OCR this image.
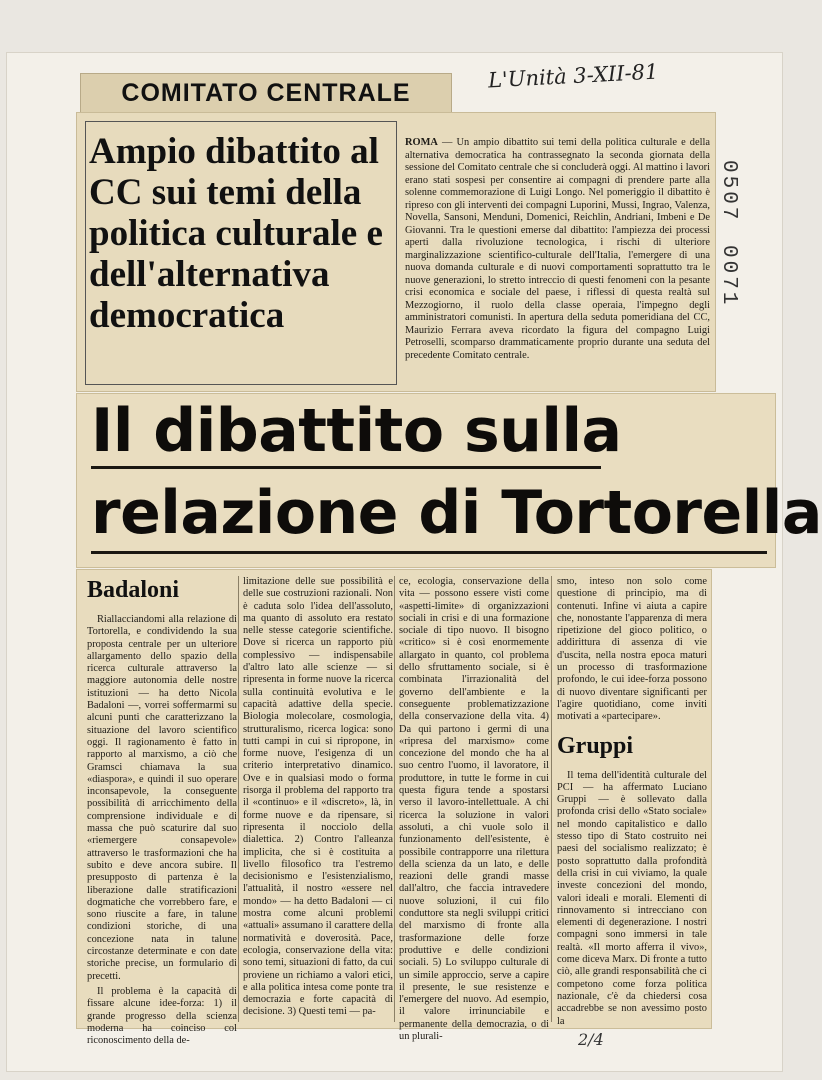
COMITATO CENTRALE
L'Unità 3-XII-81
0507
0071
Ampio dibattito al CC sui temi della politica culturale e dell'alternativa democratica
ROMA — Un ampio dibattito sui temi della politica culturale e della alternativa democratica ha contrassegnato la seconda giornata della sessione del Comitato centrale che si concluderà oggi. Al mattino i lavori erano stati sospesi per consentire ai compagni di prendere parte alla solenne commemorazione di Luigi Longo. Nel pomeriggio il dibattito è ripreso con gli interventi dei compagni Luporini, Mussi, Ingrao, Valenza, Novella, Sansoni, Menduni, Domenici, Reichlin, Andriani, Imbeni e De Giovanni. Tra le questioni emerse dal dibattito: l'ampiezza dei processi aperti dalla rivoluzione tecnologica, i rischi di ulteriore marginalizzazione scientifico-culturale dell'Italia, l'emergere di una nuova domanda culturale e di nuovi comportamenti soprattutto tra le nuove generazioni, lo stretto intreccio di questi fenomeni con la pesante crisi economica e sociale del paese, i riflessi di questa realtà sul Mezzogiorno, il ruolo della classe operaia, l'impegno degli amministratori comunisti. In apertura della seduta pomeridiana del CC, Maurizio Ferrara aveva ricordato la figura del compagno Luigi Petroselli, scomparso drammaticamente proprio durante una seduta del precedente Comitato centrale.
Il dibattito sulla
relazione di Tortorella
Badaloni

Riallacciandomi alla relazione di Tortorella, e condividendo la sua proposta centrale per un ulteriore allargamento dello spazio della ricerca culturale attraverso la maggiore autonomia delle nostre istituzioni — ha detto Nicola Badaloni —, vorrei soffermarmi su alcuni punti che caratterizzano la situazione del lavoro scientifico oggi. Il ragionamento è fatto in rapporto al marxismo, a ciò che Gramsci chiamava la sua «diaspora», e quindi il suo operare inconsapevole, la conseguente possibilità di arricchimento della comprensione individuale e di massa che può scaturire dal suo «riemergere consapevole» attraverso le trasformazioni che ha subito e deve ancora subire. Il presupposto di partenza è la liberazione dalle stratificazioni dogmatiche che vorrebbero fare, e sono riuscite a fare, in talune condizioni storiche, di una concezione nata in talune circostanze determinate e con date storiche precise, un formulario di precetti.

Il problema è la capacità di fissare alcune idee-forza: 1) il grande progresso della scienza moderna ha coinciso col riconoscimento della de-

limitazione delle sue possibilità e delle sue costruzioni razionali. Non è caduta solo l'idea dell'assoluto, ma quanto di assoluto era restato nelle stesse categorie scientifiche. Dove si ricerca un rapporto più complessivo — indispensabile d'altro lato alle scienze — si ripresenta in forme nuove la ricerca sulla continuità evolutiva e le capacità adattive della specie. Biologia molecolare, cosmologia, strutturalismo, ricerca logica: sono tutti campi in cui si ripropone, in forme nuove, l'esigenza di un criterio interpretativo dinamico. Ove e in qualsiasi modo o forma risorga il problema del rapporto tra il «continuo» e il «discreto», là, in forme nuove e da ripensare, si ripresenta il nocciolo della dialettica. 2) Contro l'alleanza implicita, che si è costituita a livello filosofico tra l'estremo decisionismo e l'esistenzialismo, l'attualità, il nostro «essere nel mondo» — ha detto Badaloni — ci mostra come alcuni problemi «attuali» assumano il carattere della normatività e doverosità. Pace, ecologia, conservazione della vita: sono temi, situazioni di fatto, da cui proviene un richiamo a valori etici, e alla politica intesa come ponte tra democrazia e forte capacità di decisione. 3) Questi temi — pa-

ce, ecologia, conservazione della vita — possono essere visti come «aspetti-limite» di organizzazioni sociali in crisi e di una formazione sociale di tipo nuovo. Il bisogno «critico» si è così enormemente allargato in quanto, col problema dello sfruttamento sociale, si è combinata l'irrazionalità del governo dell'ambiente e la conseguente problematizzazione della conservazione della vita. 4) Da qui partono i germi di una «ripresa del marxismo» come concezione del mondo che ha al suo centro l'uomo, il lavoratore, il produttore, in tutte le forme in cui questa figura tende a spostarsi verso il lavoro-intellettuale. A chi ricerca la soluzione in valori assoluti, a chi vuole solo il funzionamento dell'esistente, è possibile contrapporre una rilettura della scienza da un lato, e delle reazioni delle grandi masse dall'altro, che faccia intravedere nuove soluzioni, il cui filo conduttore sta negli sviluppi critici del marxismo di fronte alla trasformazione delle forze produttive e delle condizioni sociali. 5) Lo sviluppo culturale di un simile approccio, serve a capire il presente, le sue resistenze e l'emergere del nuovo. Ad esempio, il valore irrinunciabile e permanente della democrazia, o di un plurali-

smo, inteso non solo come questione di principio, ma di contenuti. Infine vi aiuta a capire che, nonostante l'apparenza di mera ripetizione del gioco politico, o addirittura di assenza di vie d'uscita, nella nostra epoca maturi un processo di trasformazione profondo, le cui idee-forza possono di nuovo diventare significanti per l'agire quotidiano, come inviti motivati a «partecipare».

Gruppi

Il tema dell'identità culturale del PCI — ha affermato Luciano Gruppi — è sollevato dalla profonda crisi dello «Stato sociale» nel mondo capitalistico e dallo stesso tipo di Stato costruito nei paesi del socialismo realizzato; è posto soprattutto dalla profondità della crisi in cui viviamo, la quale investe concezioni del mondo, valori ideali e morali. Elementi di rinnovamento si intrecciano con elementi di degenerazione. I nostri compagni sono immersi in tale realtà. «Il morto afferra il vivo», come diceva Marx. Di fronte a tutto ciò, alle grandi responsabilità che ci competono come forza politica nazionale, c'è da chiedersi cosa accadrebbe se non avessimo posto la

2/4
